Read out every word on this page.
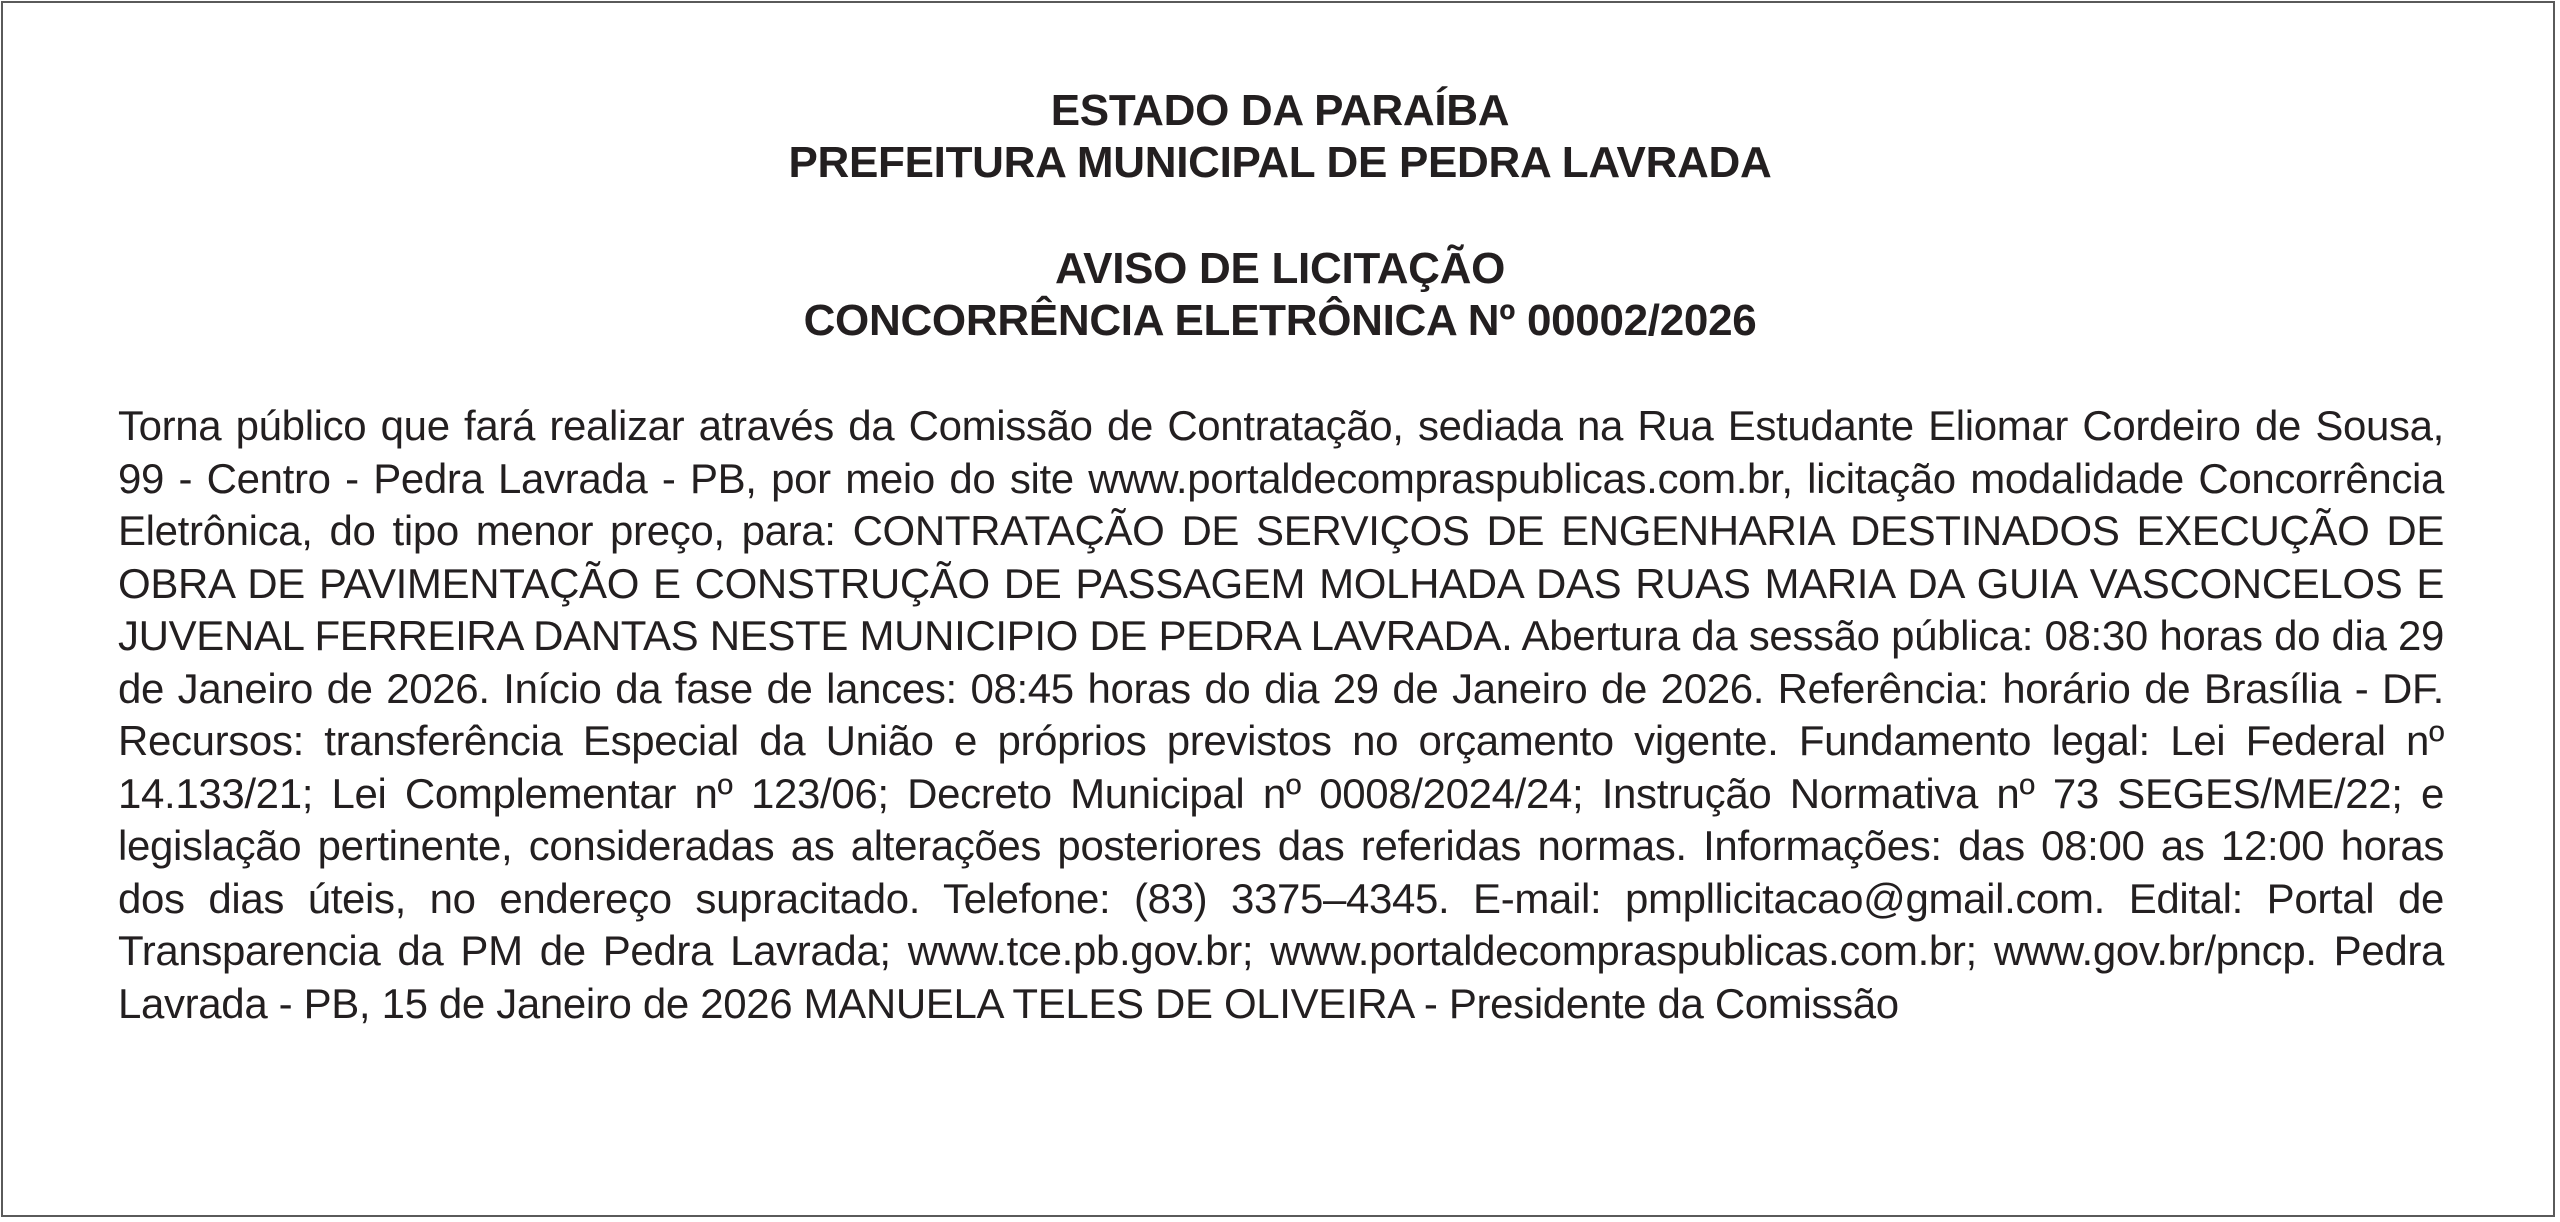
ESTADO DA PARAÍBA
PREFEITURA MUNICIPAL DE PEDRA LAVRADA
AVISO DE LICITAÇÃO
CONCORRÊNCIA ELETRÔNICA Nº 00002/2026
Torna público que fará realizar através da Comissão de Contratação, sediada na Rua Estudante Eliomar Cordeiro de Sousa, 99 - Centro - Pedra Lavrada - PB, por meio do site www.portaldecompraspublicas.com.br, licitação modalidade Concorrência Eletrônica, do tipo menor preço, para: CONTRATAÇÃO DE SERVIÇOS DE ENGENHARIA DESTINADOS EXECUÇÃO DE OBRA DE PAVIMENTAÇÃO E CONSTRUÇÃO DE PASSAGEM MOLHADA DAS RUAS MARIA DA GUIA VASCONCELOS E JUVENAL FERREIRA DANTAS NESTE MUNICIPIO DE PEDRA LAVRADA. Abertura da sessão pública: 08:30 horas do dia 29 de Janeiro de 2026. Início da fase de lances: 08:45 horas do dia 29 de Janeiro de 2026. Referência: horário de Brasília - DF. Recursos: transferência Especial da União e próprios previstos no orçamento vigente. Fundamento legal: Lei Federal nº 14.133/21; Lei Complementar nº 123/06; Decreto Municipal nº 0008/2024/24; Instrução Normativa nº 73 SEGES/ME/22; e legislação pertinente, consideradas as alterações posteriores das referidas normas. Informações: das 08:00 as 12:00 horas dos dias úteis, no endereço supracitado. Telefone: (83) 3375–4345. E-mail: pmpllicitacao@gmail.com. Edital: Portal de Transparencia da PM de Pedra Lavrada; www.tce.pb.gov.br; www.portaldecompraspublicas.com.br; www.gov.br/pncp. Pedra Lavrada - PB, 15 de Janeiro de 2026 MANUELA TELES DE OLIVEIRA - Presidente da Comissão
